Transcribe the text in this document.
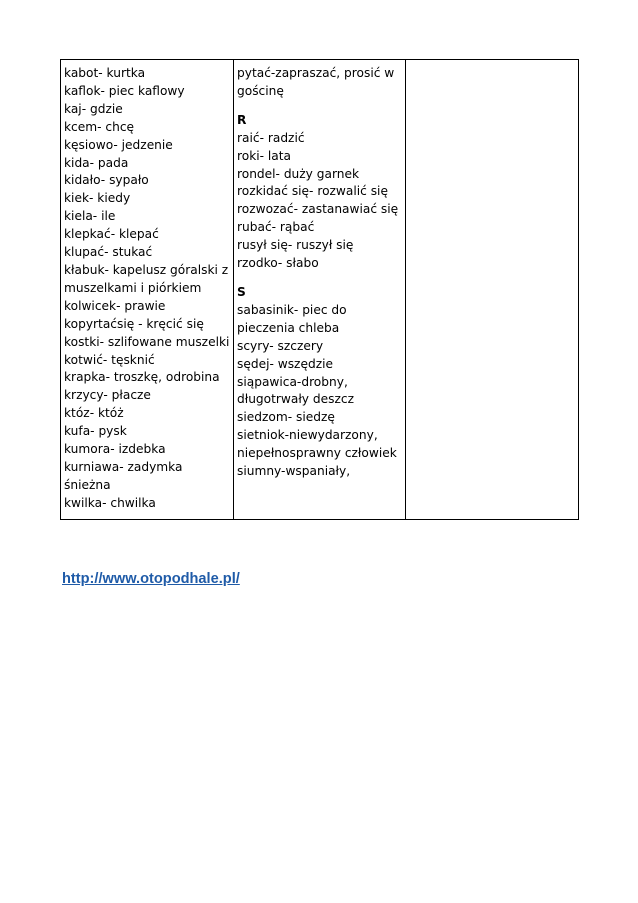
kabot- kurtka
kaflok- piec kaflowy
kaj- gdzie
kcem- chcę
kęsiowo- jedzenie
kida- pada
kidało- sypało
kiek- kiedy
kiela- ile
klepkać- klepać
klupać- stukać
kłabuk- kapelusz góralski z muszelkami i piórkiem
kolwicek- prawie
kopyrtaćsię - kręcić się
kostki- szlifowane muszelki
kotwić- tęsknić
krapka- troszkę, odrobina
krzycy- płacze
któz- któż
kufa- pysk
kumora- izdebka
kurniawa- zadymka śnieżna
kwilka- chwilka

pytać-zapraszać, prosić w gościnę
R
raić- radzić
roki- lata
rondel- duży garnek
rozkidać się- rozwalić się
rozwozać- zastanawiać się
rubać- rąbać
rusył się- ruszył się
rzodko- słabo
S
sabasinik- piec do pieczenia chleba
scyry- szczery
sędej- wszędzie
siąpawica-drobny, długotrwały deszcz
siedzom- siedzę
sietniok-niewydarzony, niepełnosprawny człowiek
siumny-wspaniały,

http://www.otopodhale.pl/
